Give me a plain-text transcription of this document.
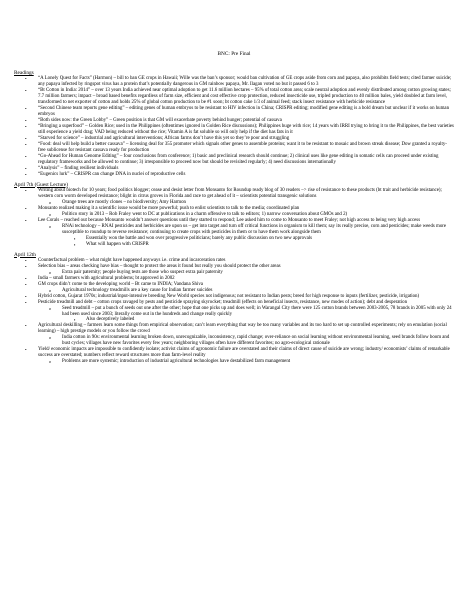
BNC: Pre Final
Readings
• “A Lonely Quest for Facts” (Harmon) – bill to ban GE crops in Hawaii; Wille was the ban’s sponsor; would ban cultivation of GE crops aside from corn and papaya, also prohibits field tests; cited farmer suicide; any papaya infected by ringspot virus has a protein that’s potentially dangerous in GM rainbow papaya, Mr. Ilagan voted no but it passed 6 to 3
• “Bt Cotton in India: 2014” – over 13 years India achieved near optimal adoption to get 11.6 million hectares – 95% of total cotton area; scale neutral adoption and evenly distributed among cotton growing states; 7.7 million farmers; impact – broad based benefits regardless of farm size, efficient and cost effective crop protection, reduced insecticide use, tripled production to 40 million bales, yield doubled at farm level, transformed to net exporter of cotton and holds 25% of global cotton production to be #1 soon; bt cotton cake 1/3 of animal feed; stack insect resistance with herbicide resistance
• “Second Chinese team reports gene editing” – editing genes of human embryos to be resistant to HIV infection in China; CRISPR editing; modified gene editing is a bold dream but unclear if it works on human embryos
• “Both sides now: the Green Lobby” – Green position is that GM will exacerbate poverty behind hunger; potential of cassava
• “Bringing a superfood” – Golden Rice; used in the Philippines (oftentimes ignored in Golden Rice discussions); Philippines huge with rice; 14 years with IRRI trying to bring it to the Philippines, the best varieties still experience a yield drag; VAD being reduced without the rice; Vitamin A is fat soluble so will only help if the diet has fats in it
• “Starved for science” – industrial and agricultural interventions; African farms don’t have this yet so they’re poor and struggling
• “Food: deal will help build a better cassava” – licensing deal for 355 promoter which signals other genes to assemble proteins; want it to be resistant to mosaic and brown streak disease; Dow granted a royalty-free sublicense for resistant cassava ready for production
• “Go-Ahead for Human Genome Editing” – four conclusions from conference; 1) basic and preclinical research should continue; 2) clinical uses like gene editing in somatic cells can proceed under existing regulatory frameworks and be allowed to continue; 3) irresponsible to proceed now but should be revisited regularly; 4) need discussions internationally
• “Analysis” – finding resilient individuals
• “Eugenics lurk” – CRISPR can change DNA in nuclei of reproductive cells
April 7th (Guest Lecture)
• Writing about biotech for 10 years; food politics blogger; cease and desist letter from Monsanto for Roundup ready blog of 30 readers –> rise of resistance to these products (bt trait and herbicide resistance); western corn worm developed resistance; blight in citrus groves in Florida and race to get ahead of it – scientists potential transgenic solutions
o Orange trees are mostly clones – no biodiversity; Amy Harmon
• Monsanto realized making it a scientific issue would be more powerful; push to enlist scientists to talk to the media; coordinated plan
o Politico story in 2013 – Rob Fraley went to DC at publications in a charm offensive to talk to editors; 1) narrow conversation about GMOs and 2)
• Lee Corals – reached out because Monsanto wouldn’t answer questions until they started to respond; Lee asked him to come to Monsanto to meet Fraley; not high access to being very high access
o RNAi technology – RNAI pesticides and herbicides are upon us – get into target and turn off critical functions in organism to kill them; say its really precise, corn and pesticides; make weeds more susceptible to roundup to reverse resistance; continuing to create crops with pesticides in them or to have them work alongside them
▪ Essentially won the battle and won over progressive politicians; barely any public discussion on two new approvals
▪ What will happen with CRISPR
April 12th
• Counterfactual problem – what might have happened anyways i.e. crime and incarceration rates
• Selection bias – areas checking have bias – thought to protect the areas it found but really you should protect the other areas
o Extra pair paternity; people buying tests are those who suspect extra pair paternity
• India – small farmers with agricultural problems; bt approved in 2002
• GM crops didn’t come to the developing world – Bt came to INDIA; Vandana Shiva
o Agricultural technology treadmills are a key cause for Indian farmer suicides
• Hybrid cotton, Gujarat 1970s; industrial/input-intensive breeding New World species not indigenous; not resistant to Indian pests; breed for high response to inputs (fertilizer, pesticide, irrigation)
• Pesticide treadmill and debt – cotton crops ravaged by pests and pesticide spraying skyrocket; treadmill (effects on beneficial insects, resistance, new modes of action); debt and desperation
o Seed treadmill – put a bunch of seeds out one after the other; hope that one picks up and does well; in Warangal City there were 125 cotton brands between 2003-2005, 78 brands in 2005 with only 24 had been used since 2003; literally come out in the hundreds and change really quickly
▪ Also deceptively labeled
• Agricultural deskilling – farmers learn some things from empirical observation; can’t learn everything that way be too many variables and its too hard to set up controlled experiments; rely on emulation (social learning) – high prestige models or you follow the crowd
o India cotton in 90s: environmental learning broken down, unrecognizable, inconsistency, rapid change; over-reliance on social learning without environmental learning, seed brands follow boom and bust cycles; villages have new favorites every few years; neighboring villages often have different favorites; no agro-ecological rationale
• Yield/ economic impacts are impossible to confidently isolate; activist claims of agronomic failure are overstated and their claims of direct cause of suicide are wrong; industry/ economists’ claims of remarkable success are overstated; numbers reflect reward structures more than farm-level reality
o Problems are more systemic; introduction of industrial agricultural technologies have destabilized farm management
